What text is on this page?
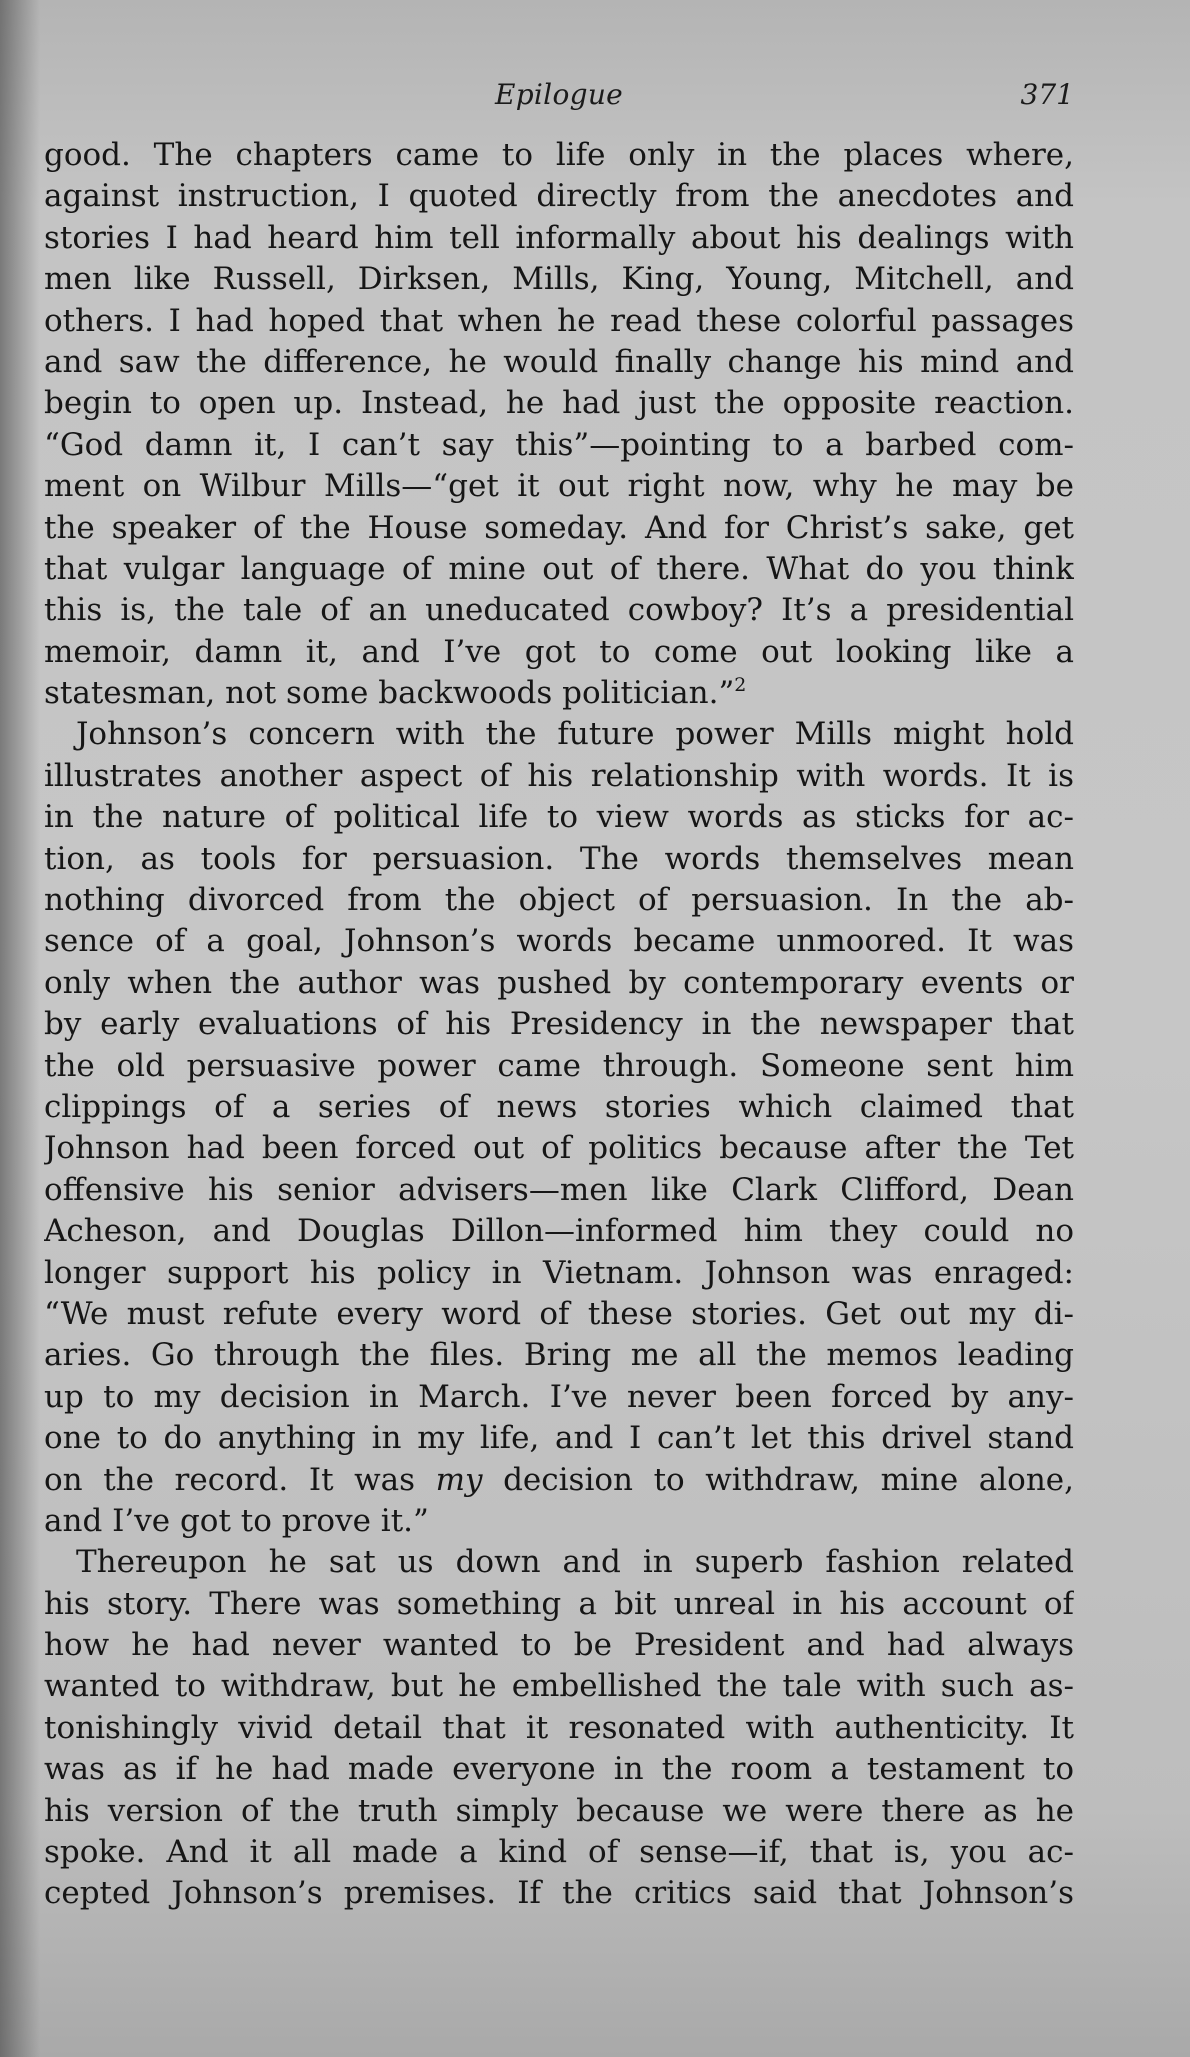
Epilogue	371
good. The chapters came to life only in the places where,
against instruction, I quoted directly from the anecdotes and
stories I had heard him tell informally about his dealings with
men like Russell, Dirksen, Mills, King, Young, Mitchell, and
others. I had hoped that when he read these colorful passages
and saw the difference, he would finally change his mind and
begin to open up. Instead, he had just the opposite reaction.
“God damn it, I can’t say this”—pointing to a barbed com-
ment on Wilbur Mills—“get it out right now, why he may be
the speaker of the House someday. And for Christ’s sake, get
that vulgar language of mine out of there. What do you think
this is, the tale of an uneducated cowboy? It’s a presidential
memoir, damn it, and I’ve got to come out looking like a
statesman, not some backwoods politician.”$^2$
Johnson’s concern with the future power Mills might hold
illustrates another aspect of his relationship with words. It is
in the nature of political life to view words as sticks for ac-
tion, as tools for persuasion. The words themselves mean
nothing divorced from the object of persuasion. In the ab-
sence of a goal, Johnson’s words became unmoored. It was
only when the author was pushed by contemporary events or
by early evaluations of his Presidency in the newspaper that
the old persuasive power came through. Someone sent him
clippings of a series of news stories which claimed that
Johnson had been forced out of politics because after the Tet
offensive his senior advisers—men like Clark Clifford, Dean
Acheson, and Douglas Dillon—informed him they could no
longer support his policy in Vietnam. Johnson was enraged:
“We must refute every word of these stories. Get out my di-
aries. Go through the files. Bring me all the memos leading
up to my decision in March. I’ve never been forced by any-
one to do anything in my life, and I can’t let this drivel stand
on the record. It was my decision to withdraw, mine alone,
and I’ve got to prove it.”
Thereupon he sat us down and in superb fashion related
his story. There was something a bit unreal in his account of
how he had never wanted to be President and had always
wanted to withdraw, but he embellished the tale with such as-
tonishingly vivid detail that it resonated with authenticity. It
was as if he had made everyone in the room a testament to
his version of the truth simply because we were there as he
spoke. And it all made a kind of sense—if, that is, you ac-
cepted Johnson’s premises. If the critics said that Johnson’s
